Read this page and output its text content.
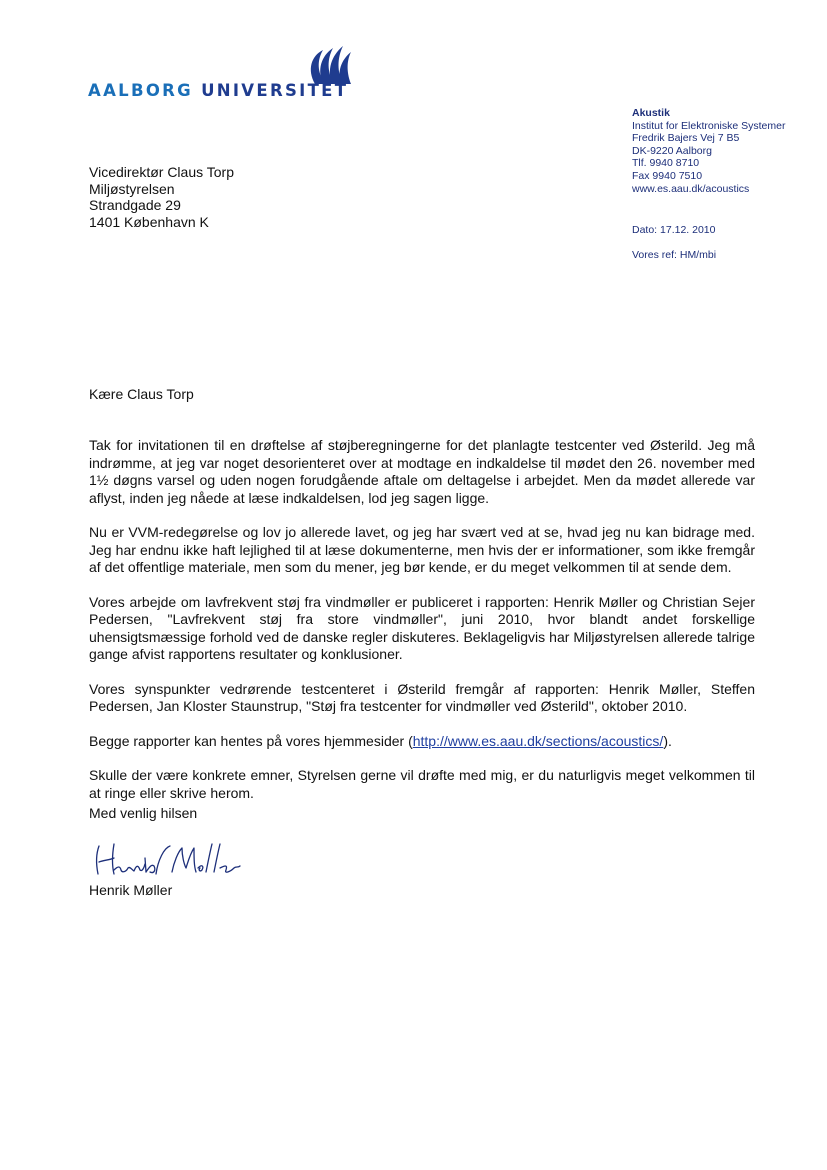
AALBORG UNIVERSITET
Akustik
Institut for Elektroniske Systemer
Fredrik Bajers Vej 7 B5
DK-9220 Aalborg
Tlf. 9940 8710
Fax 9940 7510
www.es.aau.dk/acoustics
Dato: 17.12. 2010
Vores ref: HM/mbi
Vicedirektør Claus Torp
Miljøstyrelsen
Strandgade 29
1401 København K
Kære Claus Torp

Tak for invitationen til en drøftelse af støjberegningerne for det planlagte testcenter ved Østerild. Jeg må indrømme, at jeg var noget desorienteret over at modtage en indkaldelse til mødet den 26. november med 1½ døgns varsel og uden nogen forudgående aftale om deltagelse i arbejdet. Men da mødet allerede var aflyst, inden jeg nåede at læse indkaldelsen, lod jeg sagen ligge.

Nu er VVM-redegørelse og lov jo allerede lavet, og jeg har svært ved at se, hvad jeg nu kan bidrage med. Jeg har endnu ikke haft lejlighed til at læse dokumenterne, men hvis der er informationer, som ikke fremgår af det offentlige materiale, men som du mener, jeg bør kende, er du meget velkommen til at sende dem.

Vores arbejde om lavfrekvent støj fra vindmøller er publiceret i rapporten: Henrik Møller og Christian Sejer Pedersen, "Lavfrekvent støj fra store vindmøller", juni 2010, hvor blandt andet forskellige uhensigtsmæssige forhold ved de danske regler diskuteres. Beklageligvis har Miljøstyrelsen allerede talrige gange afvist rapportens resultater og konklusioner.

Vores synspunkter vedrørende testcenteret i Østerild fremgår af rapporten: Henrik Møller, Steffen Pedersen, Jan Kloster Staunstrup, "Støj fra testcenter for vindmøller ved Østerild", oktober 2010.

Begge rapporter kan hentes på vores hjemmesider (http://www.es.aau.dk/sections/acoustics/).

Skulle der være konkrete emner, Styrelsen gerne vil drøfte med mig, er du naturligvis meget velkommen til at ringe eller skrive herom.

Med venlig hilsen
Henrik Møller
